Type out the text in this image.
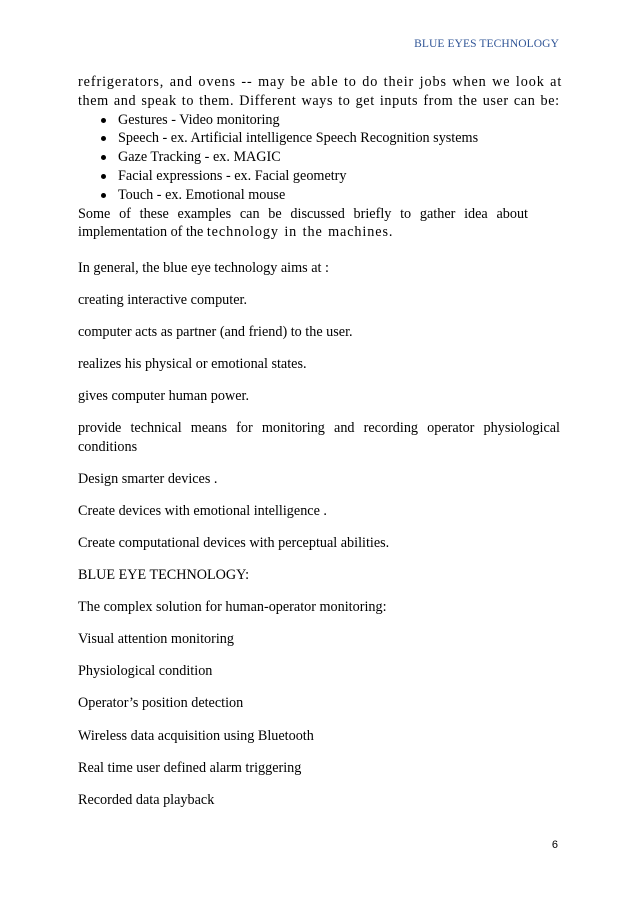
BLUE EYES TECHNOLOGY
refrigerators, and ovens -- may be able to do their jobs when we look at
them and speak to them. Different ways to get inputs from the user can be:
Gestures - Video monitoring
Speech - ex. Artificial intelligence Speech Recognition systems
Gaze Tracking - ex. MAGIC
Facial expressions - ex. Facial geometry
Touch - ex. Emotional mouse
Some of these examples can be discussed briefly to gather idea about
implementation of the technology in the machines.

In general, the blue eye technology aims at :

creating interactive computer.

computer acts as partner (and friend) to the user.

realizes his physical or emotional states.

gives computer human power.

provide technical means for monitoring and recording operator physiological conditions

Design smarter devices .

Create devices with emotional intelligence .

Create computational devices with perceptual abilities.

BLUE EYE TECHNOLOGY:

The complex solution for human-operator monitoring:

Visual attention monitoring

Physiological condition

Operator’s position detection

Wireless data acquisition using Bluetooth

Real time user defined alarm triggering

Recorded data playback

6
